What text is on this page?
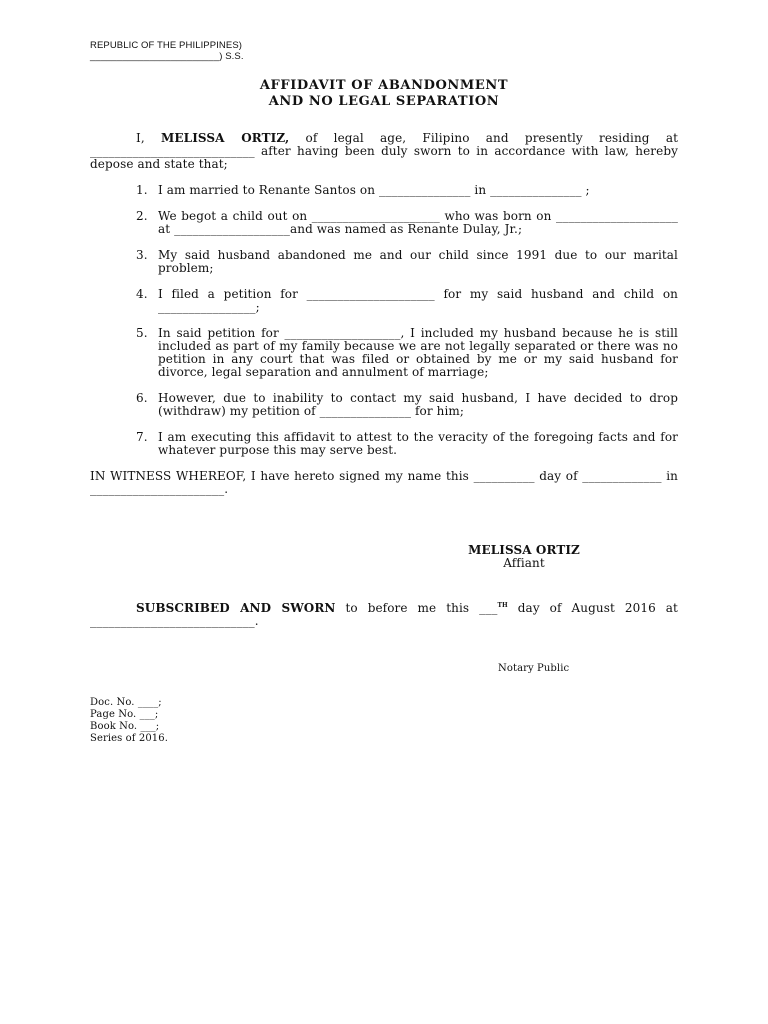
REPUBLIC OF THE PHILIPPINES)
________________________) S.S.
AFFIDAVIT OF ABANDONMENT
AND NO LEGAL SEPARATION

I, MELISSA ORTIZ, of legal age, Filipino and presently residing at ___________________________ after having been duly sworn to in accordance with law, hereby depose and state that;

1. I am married to Renante Santos on _______________ in _______________ ;
2. We begot a child out on _____________________ who was born on ____________________ at ___________________and was named as Renante Dulay, Jr.;
3. My said husband abandoned me and our child since 1991 due to our marital problem;
4. I filed a petition for _____________________ for my said husband and child on ________________;
5. In said petition for ___________________, I included my husband because he is still included as part of my family because we are not legally separated or there was no petition in any court that was filed or obtained by me or my said husband for divorce, legal separation and annulment of marriage;
6. However, due to inability to contact my said husband, I have decided to drop (withdraw) my petition of _______________ for him;
7. I am executing this affidavit to attest to the veracity of the foregoing facts and for whatever purpose this may serve best.

IN WITNESS WHEREOF, I have hereto signed my name this __________ day of _____________ in ______________________.

MELISSA ORTIZ
Affiant

SUBSCRIBED AND SWORN to before me this ___$^{TH}$ day of August 2016 at ___________________________.

Notary Public
Doc. No. ____;
Page No. ___;
Book No. ___;
Series of 2016.
